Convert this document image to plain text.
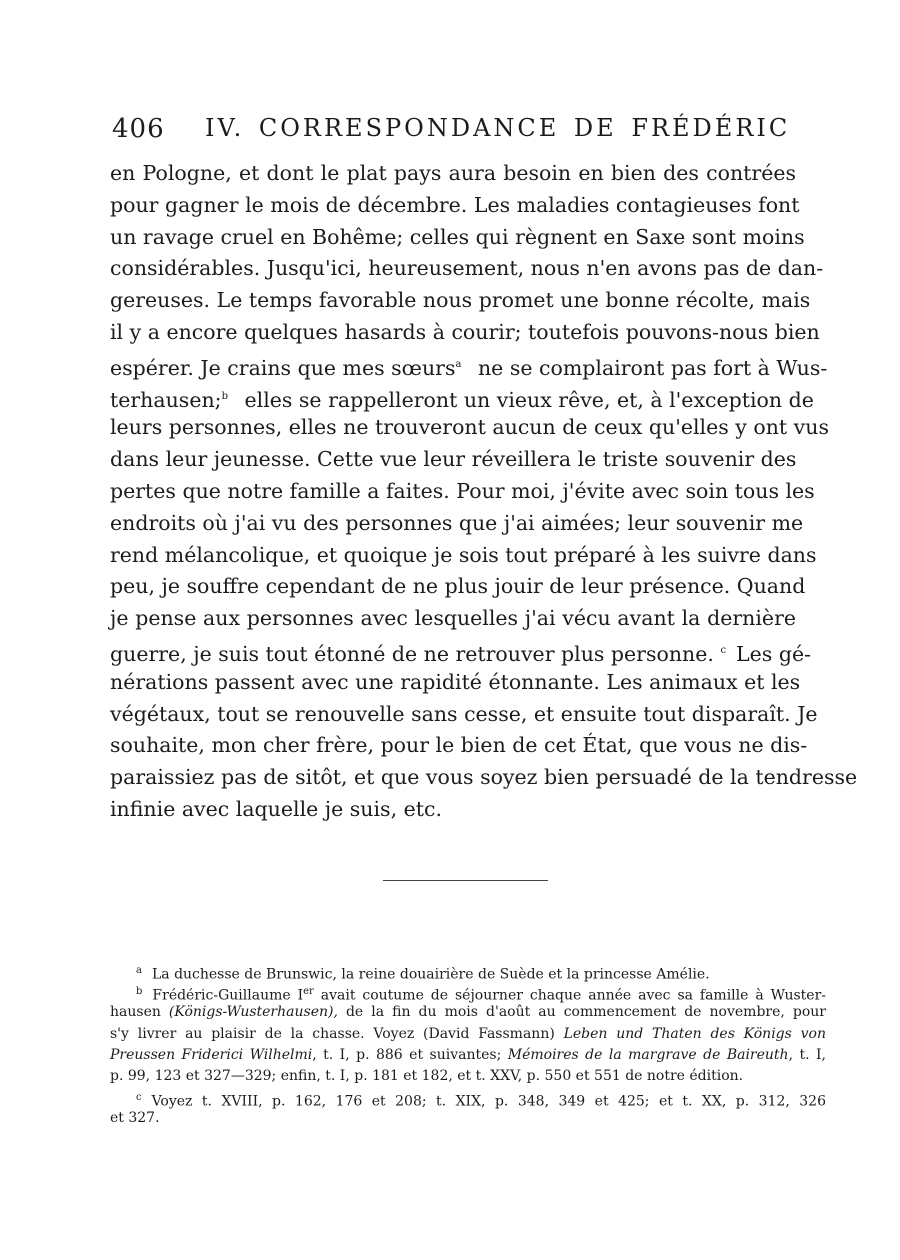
406 IV. CORRESPONDANCE DE FRÉDÉRIC
en Pologne, et dont le plat pays aura besoin en bien des contrées
pour gagner le mois de décembre. Les maladies contagieuses font
un ravage cruel en Bohême; celles qui règnent en Saxe sont moins
considérables. Jusqu'ici, heureusement, nous n'en avons pas de dan-
gereuses. Le temps favorable nous promet une bonne récolte, mais
il y a encore quelques hasards à courir; toutefois pouvons-nous bien
espérer. Je crains que mes sœurs$^a$ ne se complairont pas fort à Wus-
terhausen;$^b$ elles se rappelleront un vieux rêve, et, à l'exception de
leurs personnes, elles ne trouveront aucun de ceux qu'elles y ont vus
dans leur jeunesse. Cette vue leur réveillera le triste souvenir des
pertes que notre famille a faites. Pour moi, j'évite avec soin tous les
endroits où j'ai vu des personnes que j'ai aimées; leur souvenir me
rend mélancolique, et quoique je sois tout préparé à les suivre dans
peu, je souffre cependant de ne plus jouir de leur présence. Quand
je pense aux personnes avec lesquelles j'ai vécu avant la dernière
guerre, je suis tout étonné de ne retrouver plus personne. $^c$ Les gé-
nérations passent avec une rapidité étonnante. Les animaux et les
végétaux, tout se renouvelle sans cesse, et ensuite tout disparaît. Je
souhaite, mon cher frère, pour le bien de cet État, que vous ne dis-
paraissiez pas de sitôt, et que vous soyez bien persuadé de la tendresse
infinie avec laquelle je suis, etc.
$^a$ La duchesse de Brunswic, la reine douairière de Suède et la princesse Amélie.
$^b$ Frédéric-Guillaume Ier avait coutume de séjourner chaque année avec sa famille à Wuster-
hausen (Königs-Wusterhausen), de la fin du mois d'août au commencement de novembre, pour
s'y livrer au plaisir de la chasse. Voyez (David Fassmann) Leben und Thaten des Königs von
Preussen Friderici Wilhelmi, t. I, p. 886 et suivantes; Mémoires de la margrave de Baireuth, t. I,
p. 99, 123 et 327—329; enfin, t. I, p. 181 et 182, et t. XXV, p. 550 et 551 de notre édition.
$^c$ Voyez t. XVIII, p. 162, 176 et 208; t. XIX, p. 348, 349 et 425; et t. XX, p. 312, 326
et 327.
